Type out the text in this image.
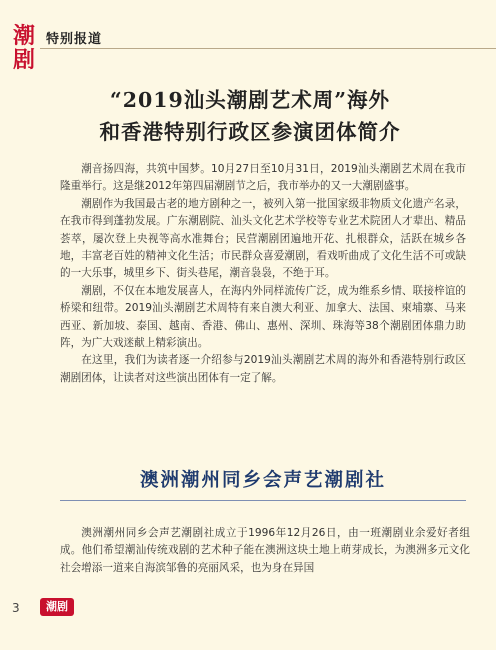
潮剧
特别报道
“2019汕头潮剧艺术周”海外
和香港特别行政区参演团体简介

潮音扬四海，共筑中国梦。10月27日至10月31日，2019汕头潮剧艺术周在我市隆重举行。这是继2012年第四届潮剧节之后，我市举办的又一大潮剧盛事。

潮剧作为我国最古老的地方剧种之一，被列入第一批国家级非物质文化遗产名录，在我市得到蓬勃发展。广东潮剧院、汕头文化艺术学校等专业艺术院团人才辈出、精品荟萃，屡次登上央视等高水准舞台；民营潮剧团遍地开花、扎根群众，活跃在城乡各地，丰富老百姓的精神文化生活；市民群众喜爱潮剧，看戏听曲成了文化生活不可或缺的一大乐事，城里乡下、街头巷尾，潮音袅袅，不绝于耳。

潮剧，不仅在本地发展喜人，在海内外同样流传广泛，成为维系乡情、联接梓谊的桥梁和纽带。2019汕头潮剧艺术周特有来自澳大利亚、加拿大、法国、柬埔寨、马来西亚、新加坡、泰国、越南、香港、佛山、惠州、深圳、珠海等38个潮剧团体鼎力助阵，为广大戏迷献上精彩演出。

在这里，我们为读者逐一介绍参与2019汕头潮剧艺术周的海外和香港特别行政区潮剧团体，让读者对这些演出团体有一定了解。

澳洲潮州同乡会声艺潮剧社

澳洲潮州同乡会声艺潮剧社成立于1996年12月26日，由一班潮剧业余爱好者组成。他们希望潮汕传统戏剧的艺术种子能在澳洲这块土地上萌芽成长，为澳洲多元文化社会增添一道来自海滨邹鲁的亮丽风采，也为身在异国

3	潮剧
